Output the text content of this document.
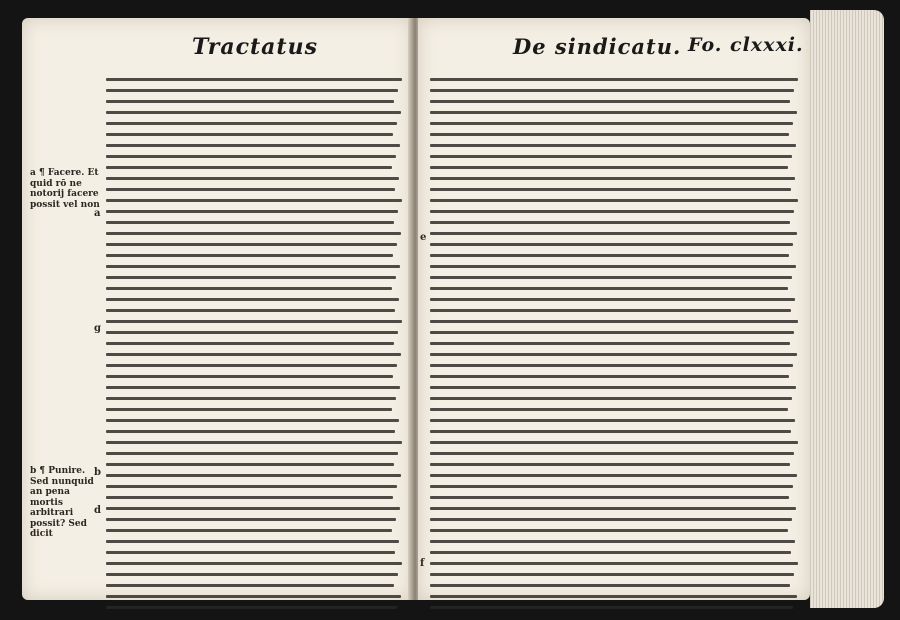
Tractatus
a ¶ Facere. Et quid rō ne notorij facere possit vel non
b ¶ Punire. Sed nunquid an pena mortis arbitrari possit? Sed dicit
a
g
b
d
De sindicatu. Fo. clxxxi.
e
f
